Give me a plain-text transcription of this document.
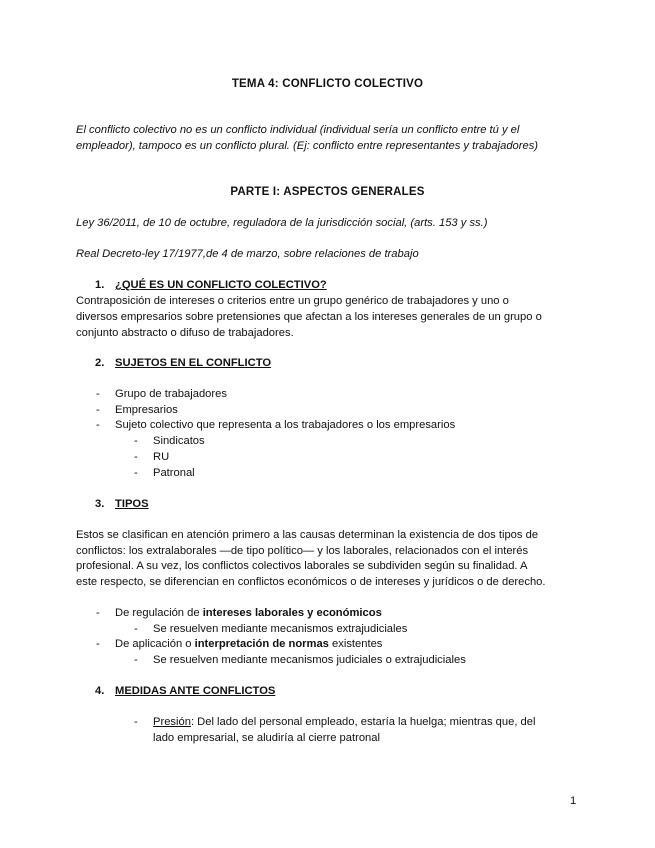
TEMA 4: CONFLICTO COLECTIVO
El conflicto colectivo no es un conflicto individual (individual sería un conflicto entre tú y el
empleador), tampoco es un conflicto plural. (Ej: conflicto entre representantes y trabajadores)
PARTE I: ASPECTOS GENERALES
Ley 36/2011, de 10 de octubre, reguladora de la jurisdicción social, (arts. 153 y ss.)
Real Decreto-ley 17/1977,de 4 de marzo, sobre relaciones de trabajo
1. ¿QUÉ ES UN CONFLICTO COLECTIVO?
Contraposición de intereses o criterios entre un grupo genérico de trabajadores y uno o
diversos empresarios sobre pretensiones que afectan a los intereses generales de un grupo o
conjunto abstracto o difuso de trabajadores.
2. SUJETOS EN EL CONFLICTO
- Grupo de trabajadores
- Empresarios
- Sujeto colectivo que representa a los trabajadores o los empresarios
- Sindicatos
- RU
- Patronal
3. TIPOS
Estos se clasifican en atención primero a las causas determinan la existencia de dos tipos de
conflictos: los extralaborales —de tipo político— y los laborales, relacionados con el interés
profesional. A su vez, los conflictos colectivos laborales se subdividen según su finalidad. A
este respecto, se diferencian en conflictos económicos o de intereses y jurídicos o de derecho.
- De regulación de intereses laborales y económicos
- Se resuelven mediante mecanismos extrajudiciales
- De aplicación o interpretación de normas existentes
- Se resuelven mediante mecanismos judiciales o extrajudiciales
4. MEDIDAS ANTE CONFLICTOS
- Presión: Del lado del personal empleado, estaría la huelga; mientras que, del
lado empresarial, se aludiría al cierre patronal
1
